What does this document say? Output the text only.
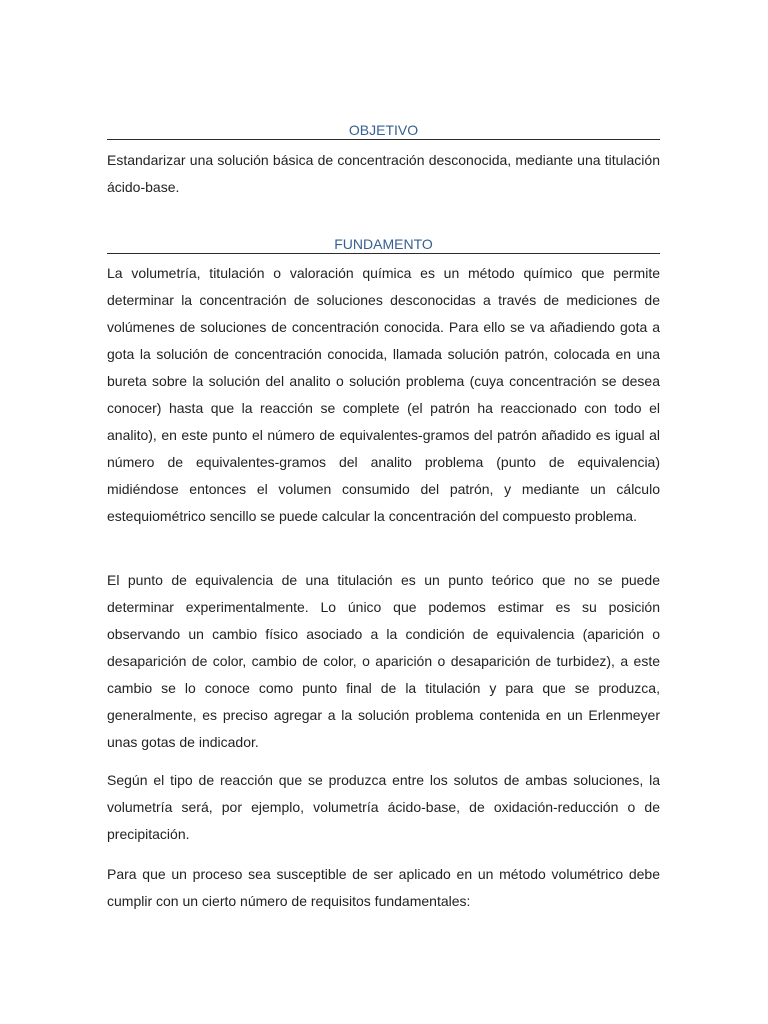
OBJETIVO

Estandarizar una solución básica de concentración desconocida, mediante una titulación ácido-base.

FUNDAMENTO

La volumetría, titulación o valoración química es un método químico que permite determinar la concentración de soluciones desconocidas a través de mediciones de volúmenes de soluciones de concentración conocida. Para ello se va añadiendo gota a gota la solución de concentración conocida, llamada solución patrón, colocada en una bureta sobre la solución del analito o solución problema (cuya concentración se desea conocer) hasta que la reacción se complete (el patrón ha reaccionado con todo el analito), en este punto el número de equivalentes-gramos del patrón añadido es igual al número de equivalentes-gramos del analito problema (punto de equivalencia) midiéndose entonces el volumen consumido del patrón, y mediante un cálculo estequiométrico sencillo se puede calcular la concentración del compuesto problema.

El punto de equivalencia de una titulación es un punto teórico que no se puede determinar experimentalmente. Lo único que podemos estimar es su posición observando un cambio físico asociado a la condición de equivalencia (aparición o desaparición de color, cambio de color, o aparición o desaparición de turbidez), a este cambio se lo conoce como punto final de la titulación y para que se produzca, generalmente, es preciso agregar a la solución problema contenida en un Erlenmeyer unas gotas de indicador.

Según el tipo de reacción que se produzca entre los solutos de ambas soluciones, la volumetría será, por ejemplo, volumetría ácido-base, de oxidación-reducción o de precipitación.

Para que un proceso sea susceptible de ser aplicado en un método volumétrico debe cumplir con un cierto número de requisitos fundamentales:
